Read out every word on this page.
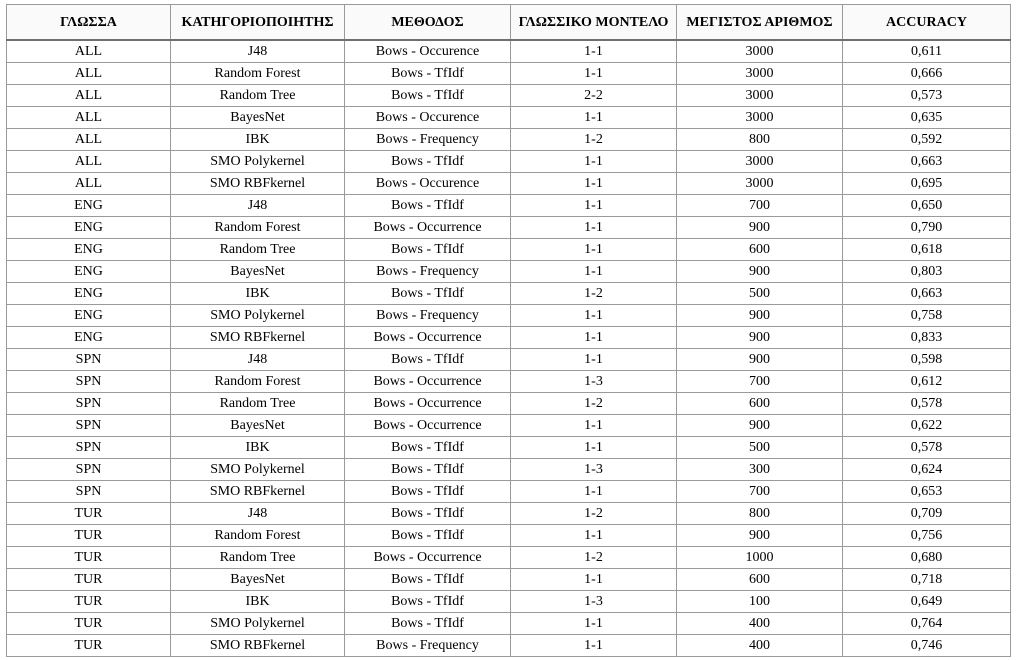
ΓΛΩΣΣΑ	ΚΑΤΗΓΟΡΙΟΠΟΙΗΤΗΣ	ΜΕΘΟΔΟΣ	ΓΛΩΣΣΙΚΟ ΜΟΝΤΕΛΟ	ΜΕΓΙΣΤΟΣ ΑΡΙΘΜΟΣ	ACCURACY
ALL	J48	Bows - Occurence	1-1	3000	0,611
ALL	Random Forest	Bows - TfIdf	1-1	3000	0,666
ALL	Random Tree	Bows - TfIdf	2-2	3000	0,573
ALL	BayesNet	Bows - Occurence	1-1	3000	0,635
ALL	IBK	Bows - Frequency	1-2	800	0,592
ALL	SMO Polykernel	Bows - TfIdf	1-1	3000	0,663
ALL	SMO RBFkernel	Bows - Occurence	1-1	3000	0,695
ENG	J48	Bows - TfIdf	1-1	700	0,650
ENG	Random Forest	Bows - Occurrence	1-1	900	0,790
ENG	Random Tree	Bows - TfIdf	1-1	600	0,618
ENG	BayesNet	Bows - Frequency	1-1	900	0,803
ENG	IBK	Bows - TfIdf	1-2	500	0,663
ENG	SMO Polykernel	Bows - Frequency	1-1	900	0,758
ENG	SMO RBFkernel	Bows - Occurrence	1-1	900	0,833
SPN	J48	Bows - TfIdf	1-1	900	0,598
SPN	Random Forest	Bows - Occurrence	1-3	700	0,612
SPN	Random Tree	Bows - Occurrence	1-2	600	0,578
SPN	BayesNet	Bows - Occurrence	1-1	900	0,622
SPN	IBK	Bows - TfIdf	1-1	500	0,578
SPN	SMO Polykernel	Bows - TfIdf	1-3	300	0,624
SPN	SMO RBFkernel	Bows - TfIdf	1-1	700	0,653
TUR	J48	Bows - TfIdf	1-2	800	0,709
TUR	Random Forest	Bows - TfIdf	1-1	900	0,756
TUR	Random Tree	Bows - Occurrence	1-2	1000	0,680
TUR	BayesNet	Bows - TfIdf	1-1	600	0,718
TUR	IBK	Bows - TfIdf	1-3	100	0,649
TUR	SMO Polykernel	Bows - TfIdf	1-1	400	0,764
TUR	SMO RBFkernel	Bows - Frequency	1-1	400	0,746
